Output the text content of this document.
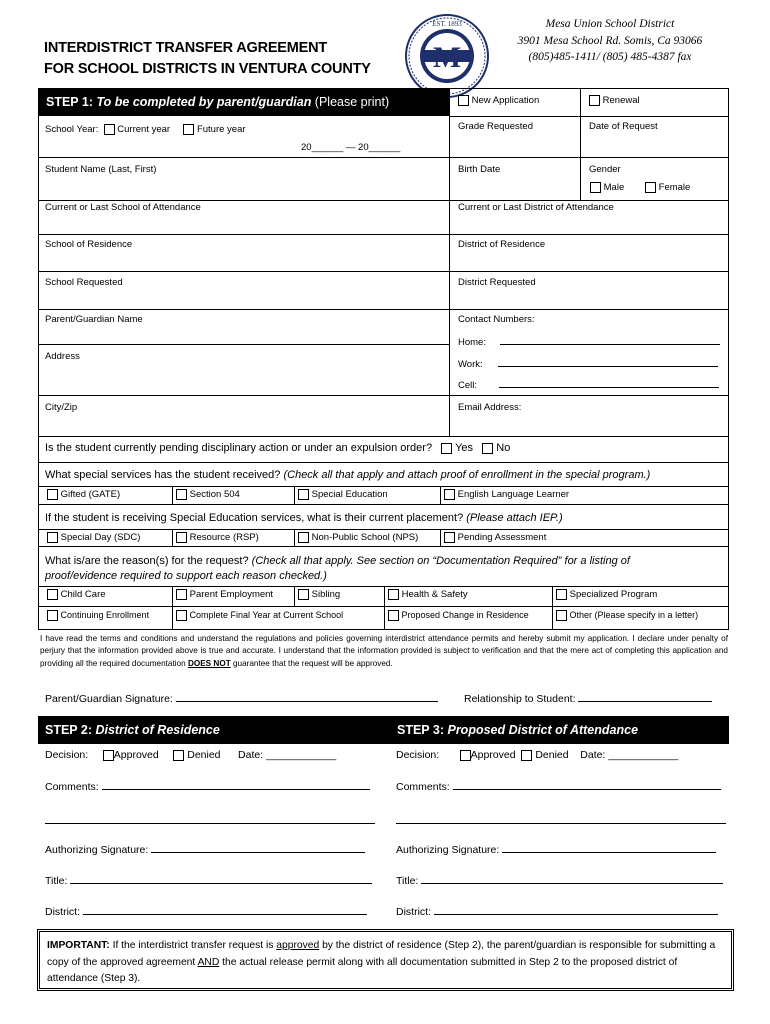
INTERDISTRICT TRANSFER AGREEMENT
FOR SCHOOL DISTRICTS IN VENTURA COUNTY M
EST. 1893	Mesa Union School District
3901 Mesa School Rd. Somis, Ca 93066
(805)485-1411/ (805) 485-4387 fax
STEP 1: To be completed by parent/guardian (Please print)	New Application	Renewal
School Year: Current year	Future year
20______ — 20______
Grade Requested	Date of Request
Student Name (Last, First)	Birth Date	Gender
Male	Female
Current or Last School of Attendance	Current or Last District of Attendance
School of Residence	District of Residence
School Requested	District Requested
Parent/Guardian Name
Address
City/Zip
Contact Numbers:
Home:
Work:
Cell:
Email Address:
Is the student currently pending disciplinary action or under an expulsion order? Yes No
What special services has the student received? (Check all that apply and attach proof of enrollment in the special program.)
Gifted (GATE)	Section 504	Special Education	English Language Learner
If the student is receiving Special Education services, what is their current placement? (Please attach IEP.)
Special Day (SDC)	Resource (RSP)	Non-Public School (NPS)	Pending Assessment
What is/are the reason(s) for the request? (Check all that apply. See section on “Documentation Required” for a listing of
proof/evidence required to support each reason checked.)
Child Care	Parent Employment	Sibling	Health & Safety	Specialized Program
Continuing Enrollment	Complete Final Year at Current School	Proposed Change in Residence	Other (Please specify in a letter)
I have read the terms and conditions and understand the regulations and policies governing interdistrict attendance permits and hereby submit my application. I declare under penalty of perjury that the information provided above is true and accurate. I understand that the information provided is subject to verification and that the mere act of completing this application and providing all the required documentation DOES NOT guarantee that the request will be approved.
Parent/Guardian Signature:	Relationship to Student:
STEP 2: District of Residence	STEP 3: Proposed District of Attendance
Decision: Approved	Denied Date: ____________
Comments:
Authorizing Signature:
Title:
District:
Decision:	Approved Denied Date: ____________
Comments:
Authorizing Signature:
Title:
District:
IMPORTANT: If the interdistrict transfer request is approved by the district of residence (Step 2), the parent/guardian is responsible for submitting a copy of the approved agreement AND the actual release permit along with all documentation submitted in Step 2 to the proposed district of attendance (Step 3).
